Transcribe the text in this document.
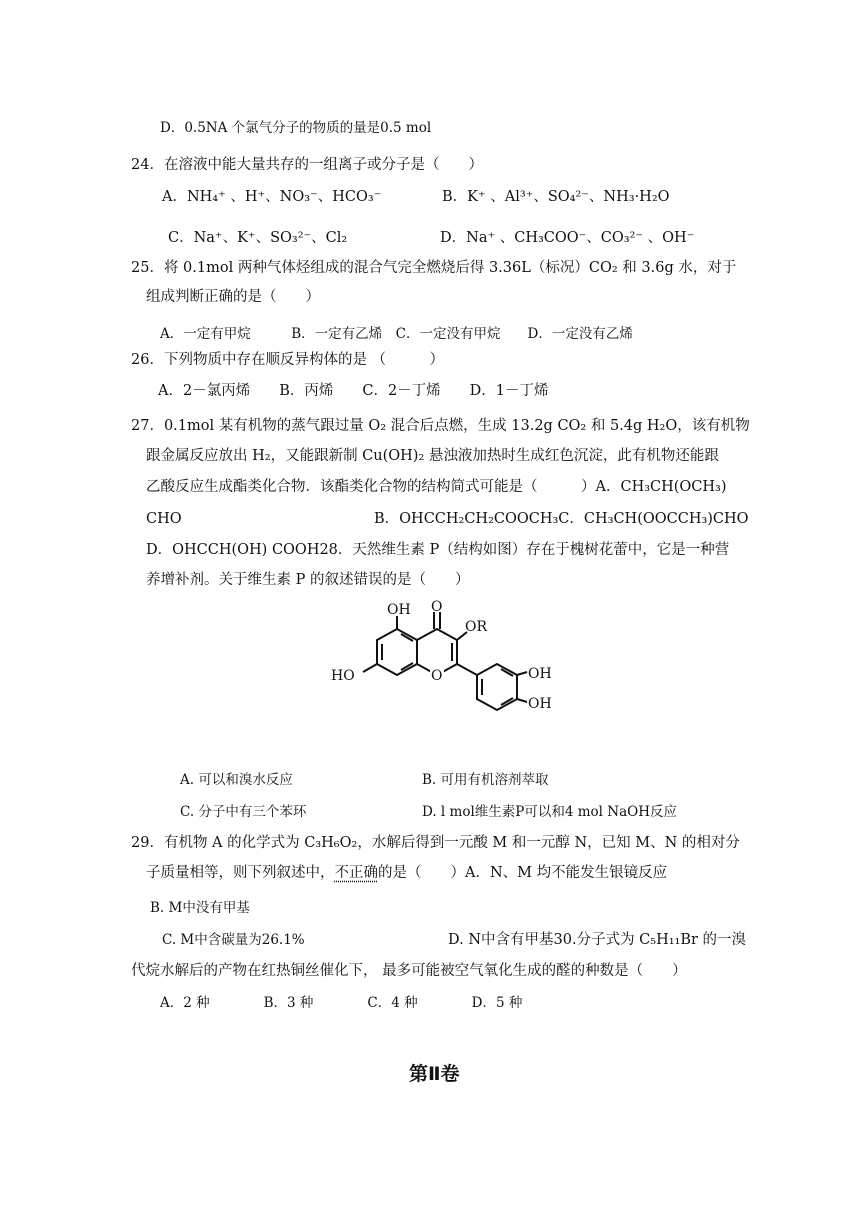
D．0.5NA 个氯气分子的物质的量是0.5 mol
24．在溶液中能大量共存的一组离子或分子是（　　）
A．NH₄⁺ 、H⁺、NO₃⁻、HCO₃⁻	B．K⁺ 、Al³⁺、SO₄²⁻、NH₃·H₂O
C．Na⁺、K⁺、SO₃²⁻、Cl₂	D．Na⁺ 、CH₃COO⁻、CO₃²⁻ 、OH⁻
25．将 0.1mol 两种气体烃组成的混合气完全燃烧后得 3.36L（标况）CO₂ 和 3.6g 水，对于
组成判断正确的是（　　）
A．一定有甲烷　　　B．一定有乙烯　C．一定没有甲烷　　D．一定没有乙烯
26．下列物质中存在顺反异构体的是 （　　　）
A．2－氯丙烯　　B．丙烯　　C．2－丁烯　　D．1－丁烯
27．0.1mol 某有机物的蒸气跟过量 O₂ 混合后点燃，生成 13.2g CO₂ 和 5.4g H₂O，该有机物
跟金属反应放出 H₂，又能跟新制 Cu(OH)₂ 悬浊液加热时生成红色沉淀，此有机物还能跟
乙酸反应生成酯类化合物．该酯类化合物的结构简式可能是（　　　）A．CH₃CH(OCH₃)
CHO	B．OHCCH₂CH₂COOCH₃C．CH₃CH(OOCCH₃)CHO
D．OHCCH(OH) COOH28．天然维生素 P（结构如图）存在于槐树花蕾中，它是一种营
养增补剂。关于维生素 P 的叙述错误的是（　　）
O
O
OH
OR
HO	OH
OH
A. 可以和溴水反应	B. 可用有机溶剂萃取
C. 分子中有三个苯环	D. l mol维生素P可以和4 mol NaOH反应
29．有机物 A 的化学式为 C₃H₆O₂，水解后得到一元酸 M 和一元醇 N，已知 M、N 的相对分
子质量相等，则下列叙述中，不正确的是（　　）A．N、M 均不能发生银镜反应
B. M中没有甲基
C. M中含碳量为26.1%	D. N中含有甲基30.分子式为 C₅H₁₁Br 的一溴
代烷水解后的产物在红热铜丝催化下， 最多可能被空气氧化生成的醛的种数是（　　）
A．2 种　　　　B．3 种　　　　C．4 种　　　　D．5 种
第Ⅱ卷
